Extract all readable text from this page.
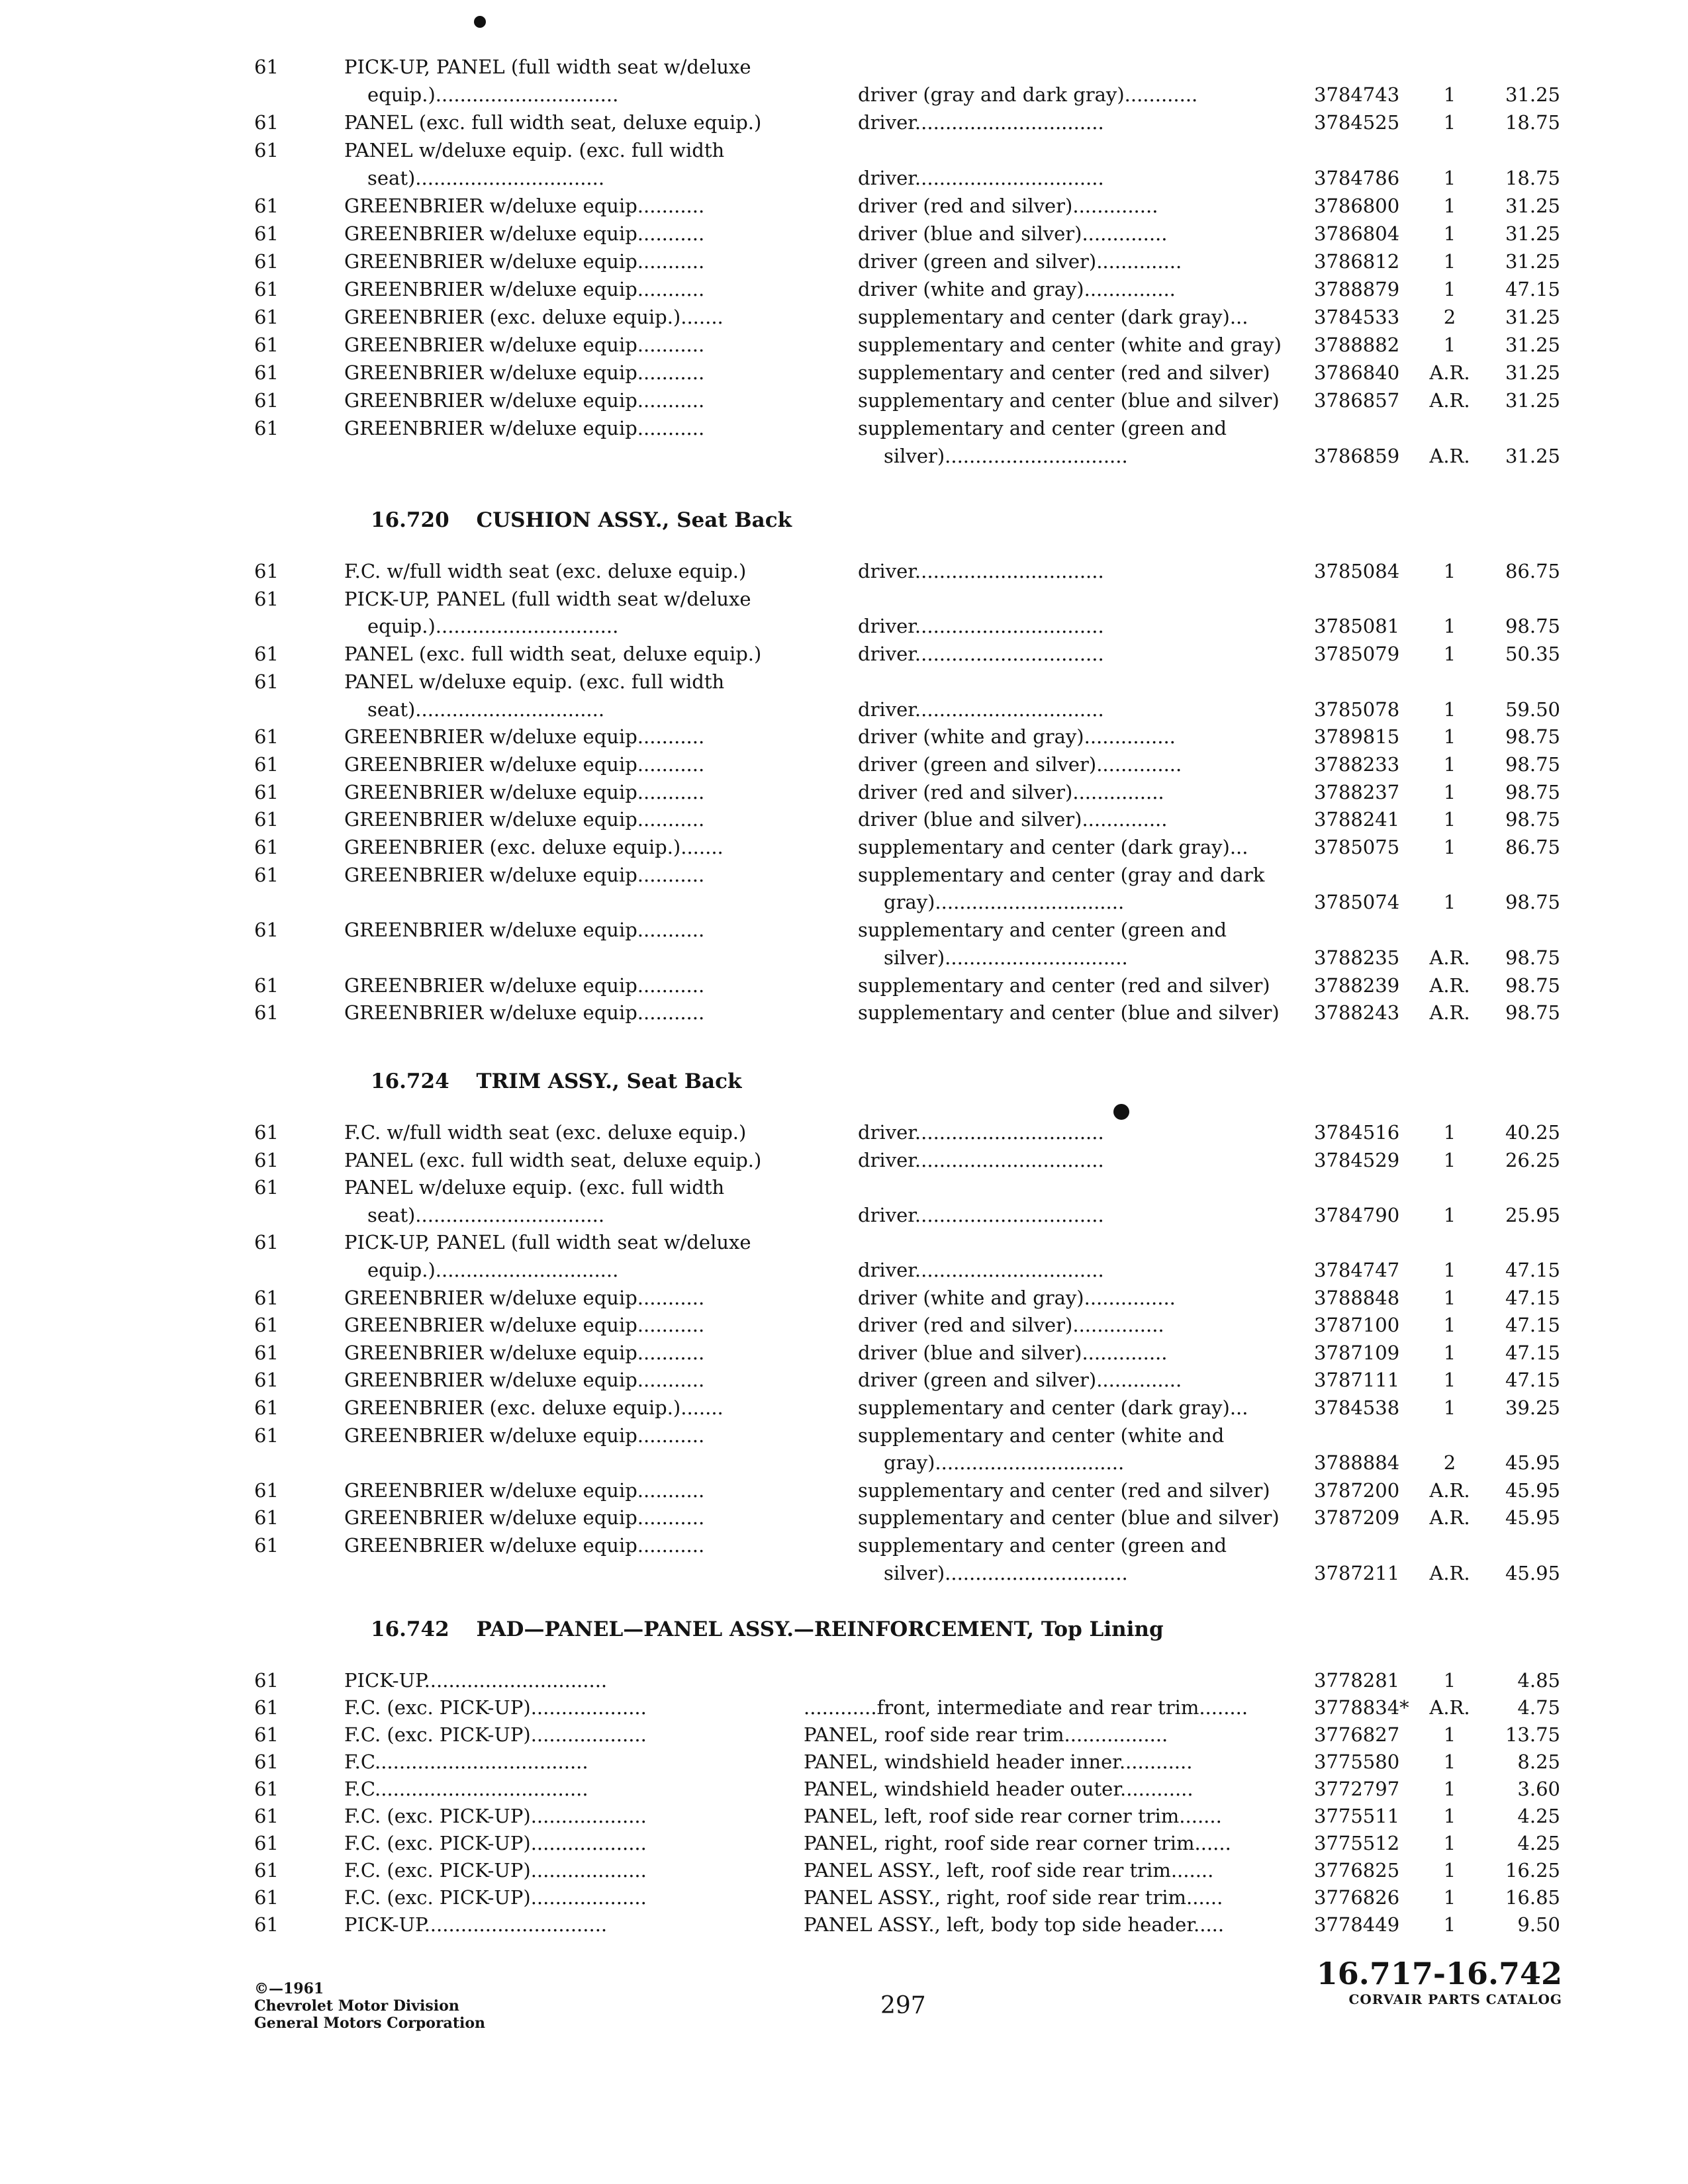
61	PICK-UP, PANEL (full width seat w/deluxe
equip.)..............................	driver (gray and dark gray)............	3784743	1	31.25
61	PANEL (exc. full width seat, deluxe equip.)	driver...............................	3784525	1	18.75
61	PANEL w/deluxe equip. (exc. full width
seat)...............................	driver...............................	3784786	1	18.75
61	GREENBRIER w/deluxe equip...........	driver (red and silver)..............	3786800	1	31.25
61	GREENBRIER w/deluxe equip...........	driver (blue and silver)..............	3786804	1	31.25
61	GREENBRIER w/deluxe equip...........	driver (green and silver)..............	3786812	1	31.25
61	GREENBRIER w/deluxe equip...........	driver (white and gray)...............	3788879	1	47.15
61	GREENBRIER (exc. deluxe equip.).......	supplementary and center (dark gray)...	3784533	2	31.25
61	GREENBRIER w/deluxe equip...........	supplementary and center (white and gray)	3788882	1	31.25
61	GREENBRIER w/deluxe equip...........	supplementary and center (red and silver)	3786840	A.R.	31.25
61	GREENBRIER w/deluxe equip...........	supplementary and center (blue and silver)	3786857	A.R.	31.25
61	GREENBRIER w/deluxe equip...........	supplementary and center (green and
silver)..............................	3786859	A.R.	31.25
16.720 CUSHION ASSY., Seat Back
61	F.C. w/full width seat (exc. deluxe equip.)	driver...............................	3785084	1	86.75
61	PICK-UP, PANEL (full width seat w/deluxe
equip.)..............................	driver...............................	3785081	1	98.75
61	PANEL (exc. full width seat, deluxe equip.)	driver...............................	3785079	1	50.35
61	PANEL w/deluxe equip. (exc. full width
seat)...............................	driver...............................	3785078	1	59.50
61	GREENBRIER w/deluxe equip...........	driver (white and gray)...............	3789815	1	98.75
61	GREENBRIER w/deluxe equip...........	driver (green and silver)..............	3788233	1	98.75
61	GREENBRIER w/deluxe equip...........	driver (red and silver)...............	3788237	1	98.75
61	GREENBRIER w/deluxe equip...........	driver (blue and silver)..............	3788241	1	98.75
61	GREENBRIER (exc. deluxe equip.).......	supplementary and center (dark gray)...	3785075	1	86.75
61	GREENBRIER w/deluxe equip...........	supplementary and center (gray and dark
gray)...............................	3785074	1	98.75
61	GREENBRIER w/deluxe equip...........	supplementary and center (green and
silver)..............................	3788235	A.R.	98.75
61	GREENBRIER w/deluxe equip...........	supplementary and center (red and silver)	3788239	A.R.	98.75
61	GREENBRIER w/deluxe equip...........	supplementary and center (blue and silver)	3788243	A.R.	98.75
16.724 TRIM ASSY., Seat Back
61	F.C. w/full width seat (exc. deluxe equip.)	driver...............................	3784516	1	40.25
61	PANEL (exc. full width seat, deluxe equip.)	driver...............................	3784529	1	26.25
61	PANEL w/deluxe equip. (exc. full width
seat)...............................	driver...............................	3784790	1	25.95
61	PICK-UP, PANEL (full width seat w/deluxe
equip.)..............................	driver...............................	3784747	1	47.15
61	GREENBRIER w/deluxe equip...........	driver (white and gray)...............	3788848	1	47.15
61	GREENBRIER w/deluxe equip...........	driver (red and silver)...............	3787100	1	47.15
61	GREENBRIER w/deluxe equip...........	driver (blue and silver)..............	3787109	1	47.15
61	GREENBRIER w/deluxe equip...........	driver (green and silver)..............	3787111	1	47.15
61	GREENBRIER (exc. deluxe equip.).......	supplementary and center (dark gray)...	3784538	1	39.25
61	GREENBRIER w/deluxe equip...........	supplementary and center (white and
gray)...............................	3788884	2	45.95
61	GREENBRIER w/deluxe equip...........	supplementary and center (red and silver)	3787200	A.R.	45.95
61	GREENBRIER w/deluxe equip...........	supplementary and center (blue and silver)	3787209	A.R.	45.95
61	GREENBRIER w/deluxe equip...........	supplementary and center (green and
silver)..............................	3787211	A.R.	45.95
16.742 PAD—PANEL—PANEL ASSY.—REINFORCEMENT, Top Lining
61	PICK-UP..............................	3778281	1	4.85
61	F.C. (exc. PICK-UP)...................	............front, intermediate and rear trim........	3778834*	A.R.	4.75
61	F.C. (exc. PICK-UP)...................	PANEL, roof side rear trim.................	3776827	1	13.75
61	F.C...................................	PANEL, windshield header inner............	3775580	1	8.25
61	F.C...................................	PANEL, windshield header outer............	3772797	1	3.60
61	F.C. (exc. PICK-UP)...................	PANEL, left, roof side rear corner trim.......	3775511	1	4.25
61	F.C. (exc. PICK-UP)...................	PANEL, right, roof side rear corner trim......	3775512	1	4.25
61	F.C. (exc. PICK-UP)...................	PANEL ASSY., left, roof side rear trim.......	3776825	1	16.25
61	F.C. (exc. PICK-UP)...................	PANEL ASSY., right, roof side rear trim......	3776826	1	16.85
61	PICK-UP..............................	PANEL ASSY., left, body top side header.....	3778449	1	9.50
©—1961
Chevrolet Motor Division
General Motors Corporation
297
16.717-16.742
CORVAIR PARTS CATALOG
